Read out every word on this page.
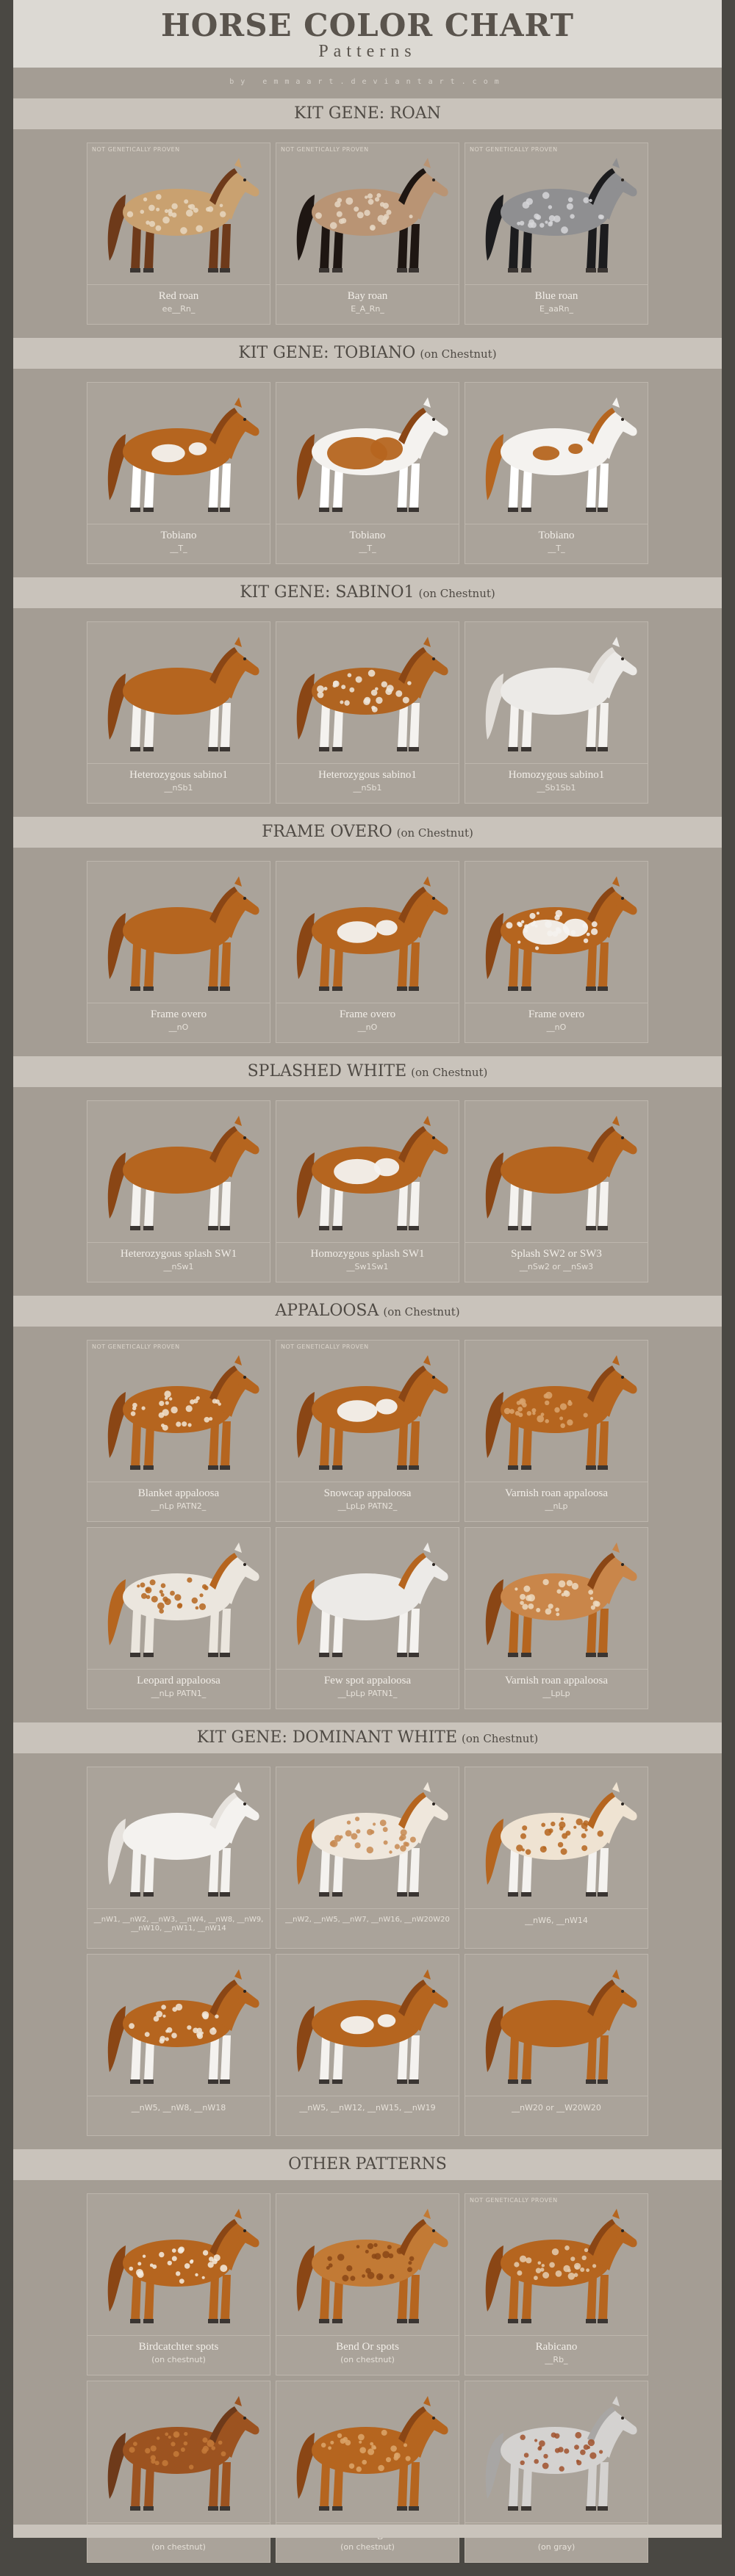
HORSE COLOR CHART
Patterns
by emmaart.deviantart.com
KIT GENE: ROAN
NOT GENETICALLY PROVEN
Red roan
ee__Rn_
NOT GENETICALLY PROVEN
Bay roan
E_A_Rn_
NOT GENETICALLY PROVEN
Blue roan
E_aaRn_
KIT GENE: TOBIANO (on Chestnut)
Tobiano
__T_
Tobiano
__T_
Tobiano
__T_
KIT GENE: SABINO1 (on Chestnut)
Heterozygous sabino1
__nSb1
Heterozygous sabino1
__nSb1
Homozygous sabino1
__Sb1Sb1
FRAME OVERO (on Chestnut)
Frame overo
__nO
Frame overo
__nO
Frame overo
__nO
SPLASHED WHITE (on Chestnut)
Heterozygous splash SW1
__nSw1
Homozygous splash SW1
__Sw1Sw1
Splash SW2 or SW3
__nSw2 or __nSw3
APPALOOSA (on Chestnut)
NOT GENETICALLY PROVEN
Blanket appaloosa
__nLp PATN2_
NOT GENETICALLY PROVEN
Snowcap appaloosa
__LpLp PATN2_
Varnish roan appaloosa
__nLp
Leopard appaloosa
__nLp PATN1_
Few spot appaloosa
__LpLp PATN1_
Varnish roan appaloosa
__LpLp
KIT GENE: DOMINANT WHITE (on Chestnut)
__nW1, __nW2, __nW3, __nW4, __nW8, __nW9, __nW10, __nW11, __nW14
__nW2, __nW5, __nW7, __nW16, __nW20W20	__nW6, __nW14
__nW5, __nW8, __nW18	__nW5, __nW12, __nW15, __nW19	__nW20 or __W20W20
OTHER PATTERNS
Birdcatchter spots
(on chestnut)
Bend Or spots
(on chestnut)
NOT GENETICALLY PROVEN
Rabicano
__Rb_
(on chestnut)	(on chestnut)	(on gray)
